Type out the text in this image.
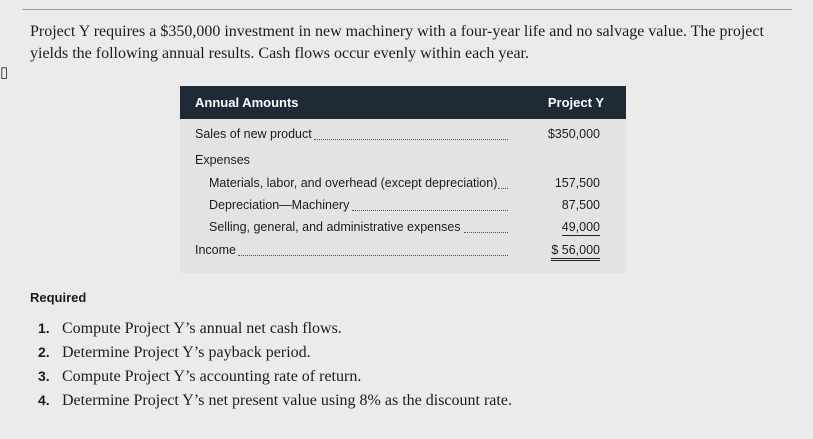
▯

Project Y requires a $350,000 investment in new machinery with a four-year life and no salvage value. The project yields the following annual results. Cash flows occur evenly within each year.

Annual Amounts	Project Y
Sales of new product	$350,000
Expenses
Materials, labor, and overhead (except depreciation)	157,500
Depreciation—Machinery	87,500
Selling, general, and administrative expenses	49,000
Income	$ 56,000
Required
1. Compute Project Y’s annual net cash flows.
2. Determine Project Y’s payback period.
3. Compute Project Y’s accounting rate of return.
4. Determine Project Y’s net present value using 8% as the discount rate.
